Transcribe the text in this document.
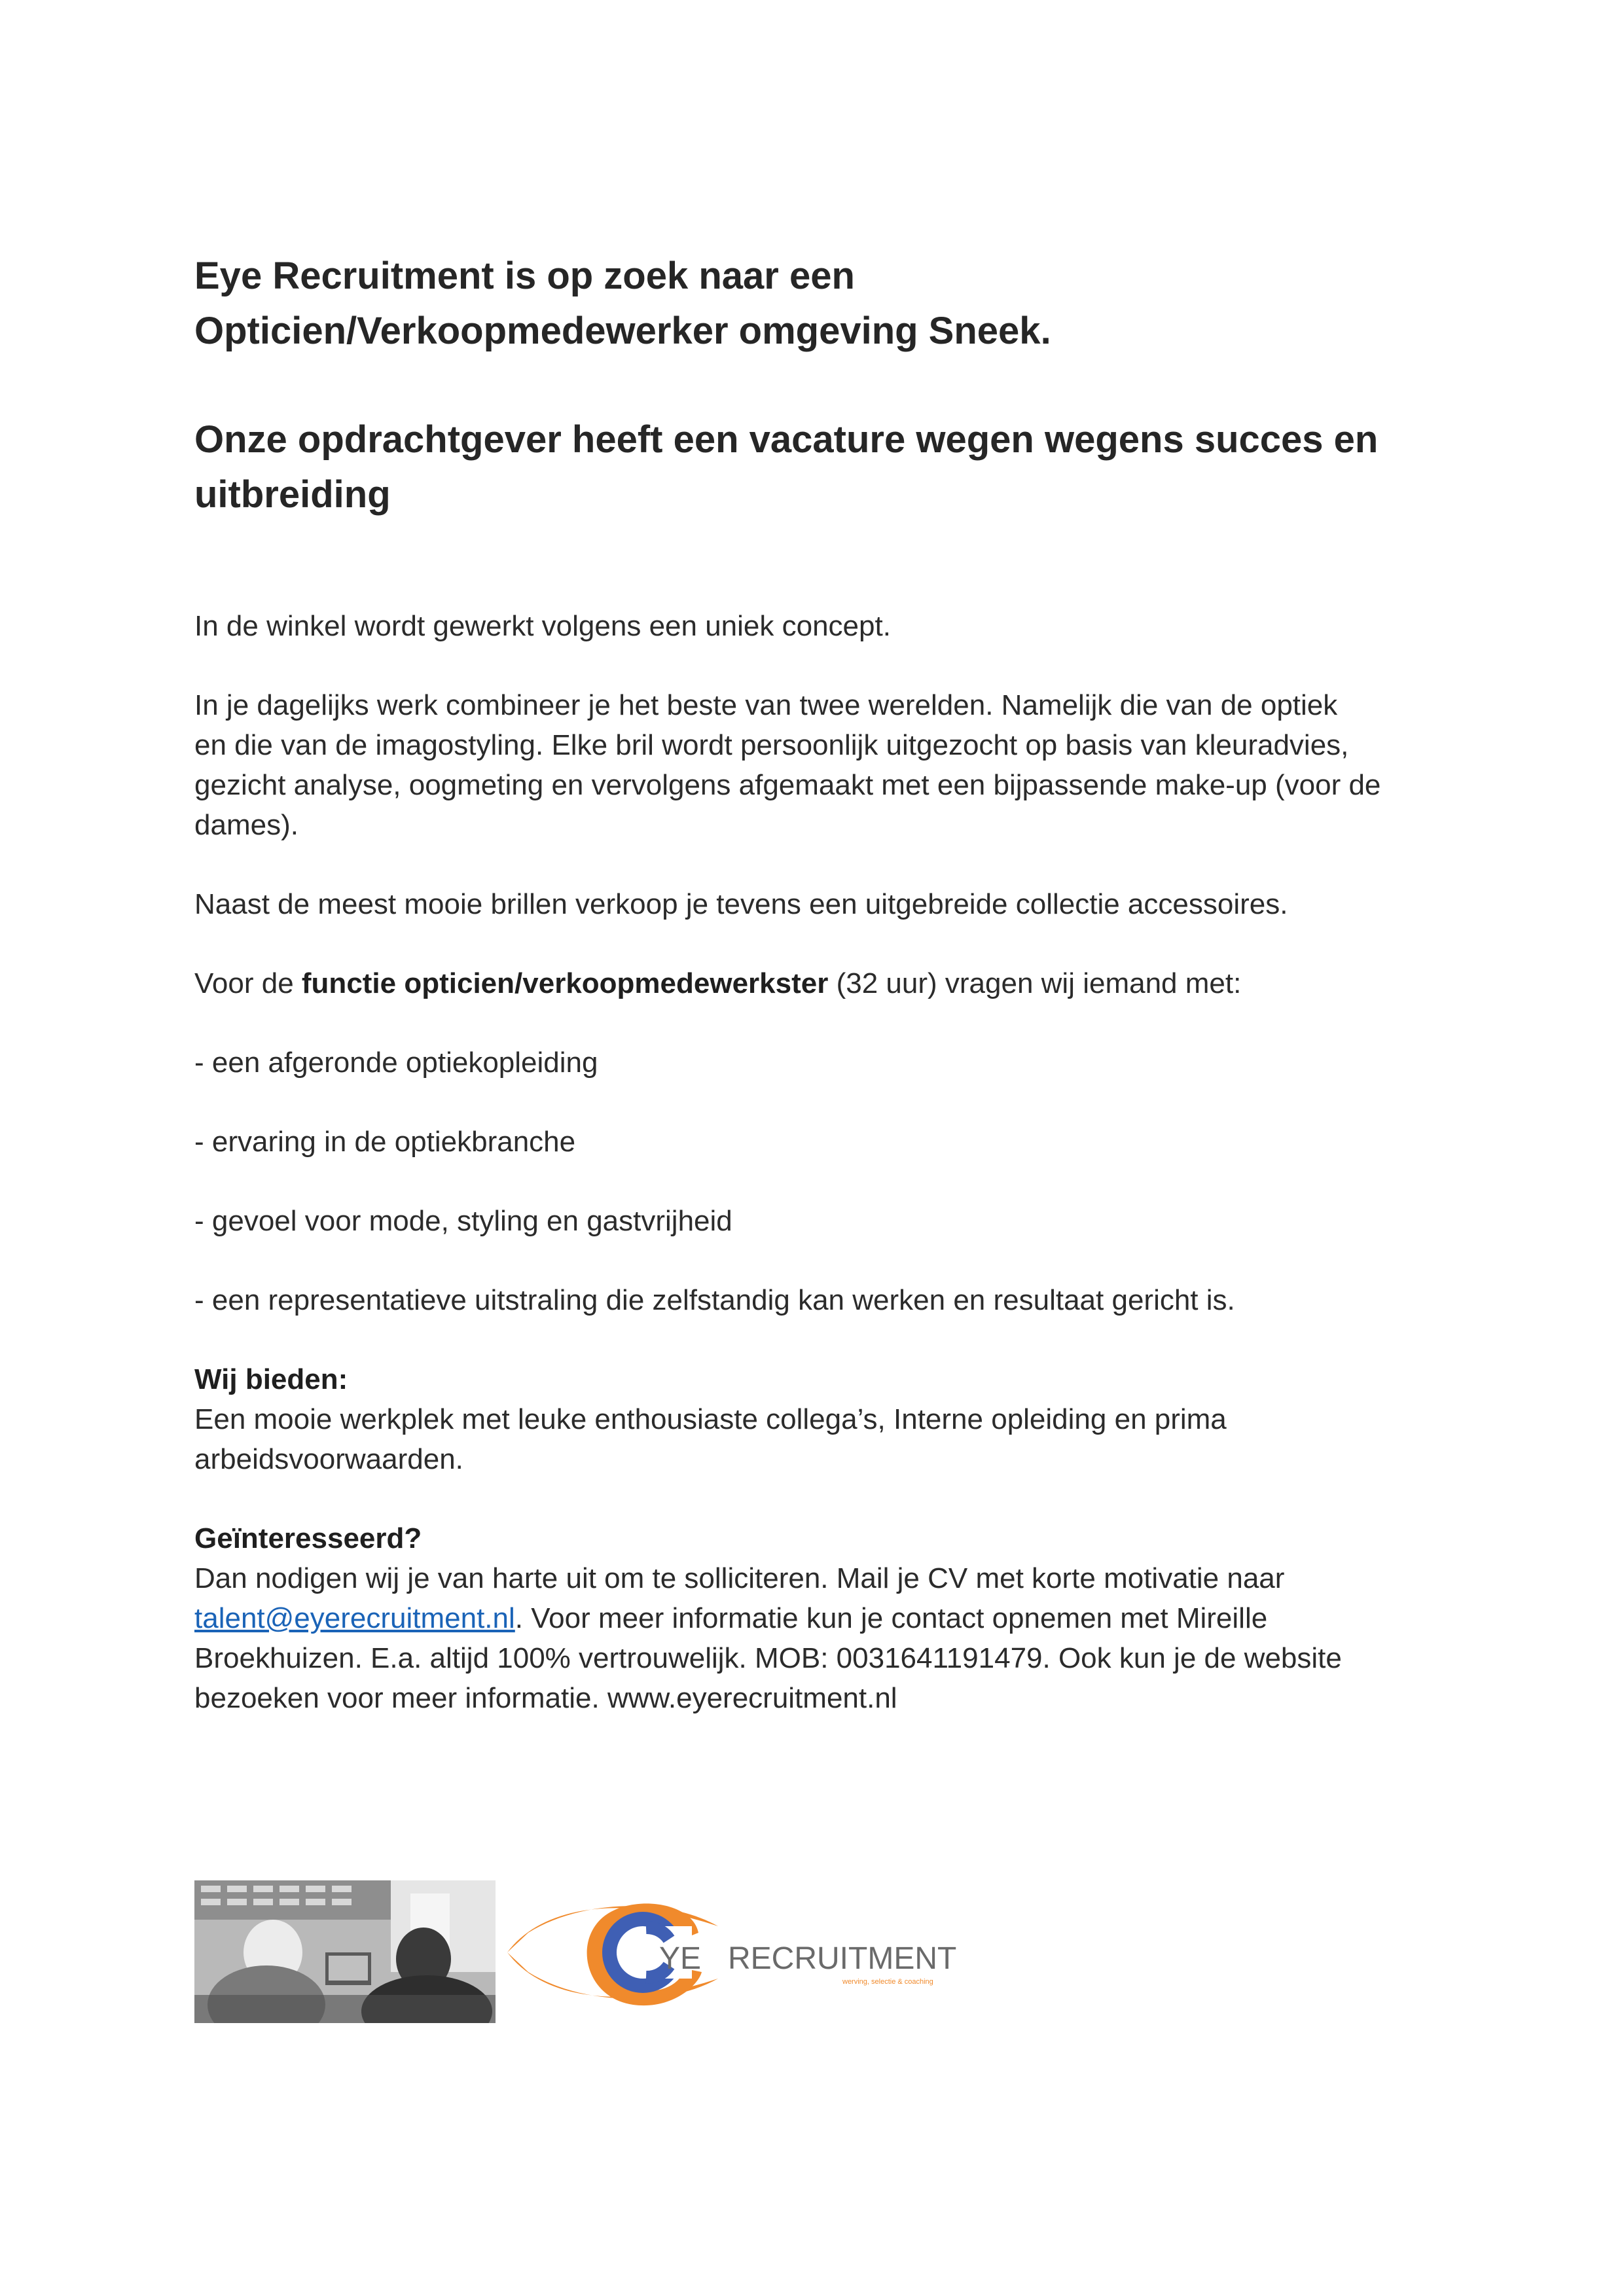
Eye Recruitment is op zoek naar een
Opticien/Verkoopmedewerker omgeving Sneek.
Onze opdrachtgever heeft een vacature wegen wegens succes en
uitbreiding

In de winkel wordt gewerkt volgens een uniek concept.

In je dagelijks werk combineer je het beste van twee werelden. Namelijk die van de optiek
en die van de imagostyling. Elke bril wordt persoonlijk uitgezocht op basis van kleuradvies,
gezicht analyse, oogmeting en vervolgens afgemaakt met een bijpassende make-up (voor de
dames).

Naast de meest mooie brillen verkoop je tevens een uitgebreide collectie accessoires.

Voor de functie opticien/verkoopmedewerkster (32 uur) vragen wij iemand met:

- een afgeronde optiekopleiding

- ervaring in de optiekbranche

- gevoel voor mode, styling en gastvrijheid

- een representatieve uitstraling die zelfstandig kan werken en resultaat gericht is.

Wij bieden:
Een mooie werkplek met leuke enthousiaste collega’s, Interne opleiding en prima
arbeidsvoorwaarden.

Geïnteresseerd?
Dan nodigen wij je van harte uit om te solliciteren. Mail je CV met korte motivatie naar
talent@eyerecruitment.nl. Voor meer informatie kun je contact opnemen met Mireille
Broekhuizen. E.a. altijd 100% vertrouwelijk. MOB: 0031641191479. Ook kun je de website
bezoeken voor meer informatie. www.eyerecruitment.nl

YE RECRUITMENT
werving, selectie & coaching
